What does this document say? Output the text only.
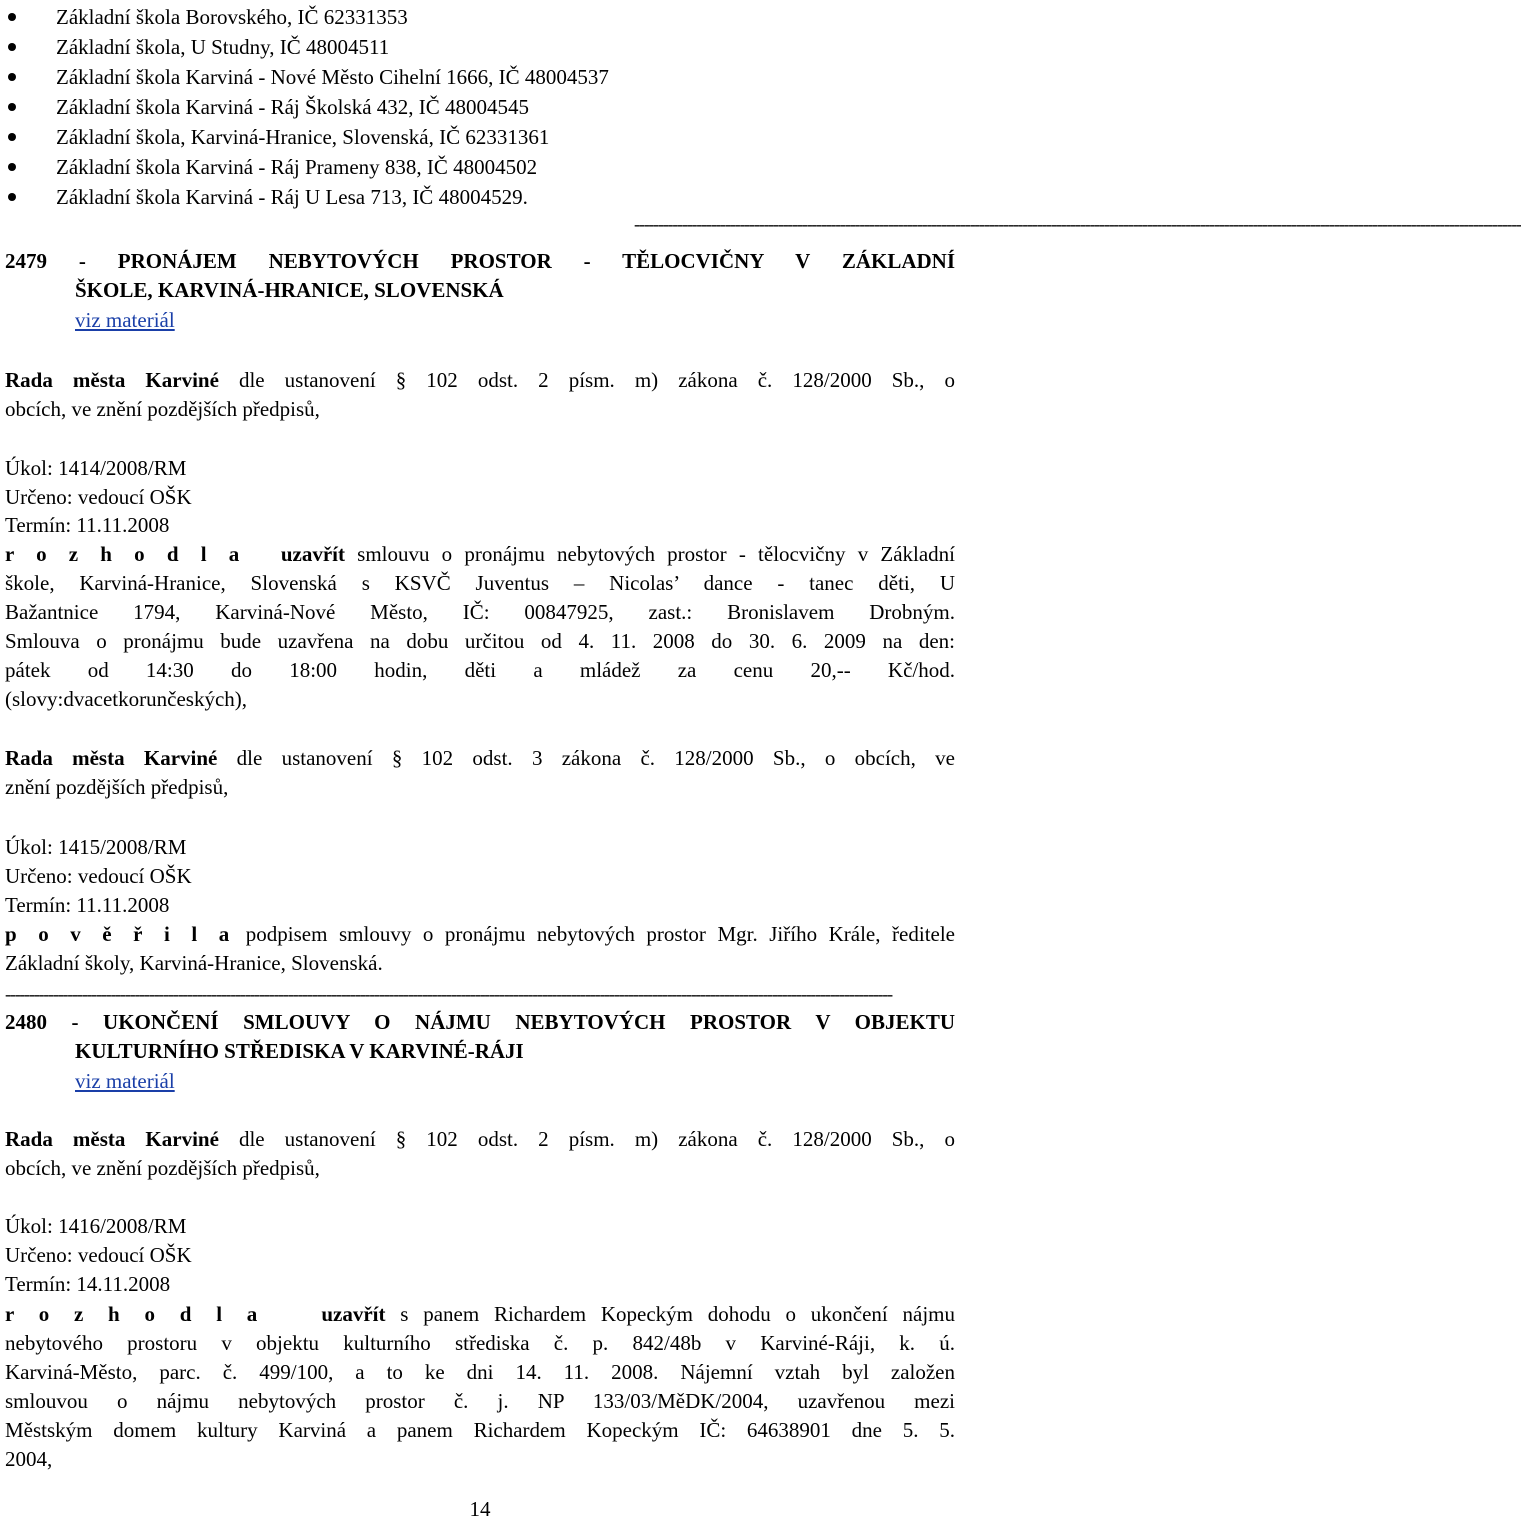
Základní škola Borovského, IČ 62331353
Základní škola, U Studny, IČ 48004511
Základní škola Karviná - Nové Město Cihelní 1666, IČ 48004537
Základní škola Karviná - Ráj Školská 432, IČ 48004545
Základní škola, Karviná-Hranice, Slovenská, IČ 62331361
Základní škola Karviná - Ráj Prameny 838, IČ 48004502
Základní škola Karviná - Ráj U Lesa 713, IČ 48004529.
-----------------------------------------------------------------------------------------------------------------------------------------------------------------------------------------
2479 - PRONÁJEM NEBYTOVÝCH PROSTOR - TĚLOCVIČNY V ZÁKLADNÍ
ŠKOLE, KARVINÁ-HRANICE, SLOVENSKÁ
viz materiál
Rada města Karviné dle ustanovení § 102 odst. 2 písm. m) zákona č. 128/2000 Sb., o
obcích, ve znění pozdějších předpisů,
Úkol: 1414/2008/RM
Určeno: vedoucí OŠK
Termín: 11.11.2008
r o z h o d l a uzavřít smlouvu o pronájmu nebytových prostor - tělocvičny v Základní
škole, Karviná-Hranice, Slovenská s KSVČ Juventus – Nicolas’ dance - tanec děti, U
Bažantnice 1794, Karviná-Nové Město, IČ: 00847925, zast.: Bronislavem Drobným.
Smlouva o pronájmu bude uzavřena na dobu určitou od 4. 11. 2008 do 30. 6. 2009 na den:
pátek od 14:30 do 18:00 hodin, děti a mládež za cenu 20,-- Kč/hod.
(slovy:dvacetkorunčeských),
Rada města Karviné dle ustanovení § 102 odst. 3 zákona č. 128/2000 Sb., o obcích, ve
znění pozdějších předpisů,
Úkol: 1415/2008/RM
Určeno: vedoucí OŠK
Termín: 11.11.2008
p o v ě ř i l a podpisem smlouvy o pronájmu nebytových prostor Mgr. Jiřího Krále, ředitele
Základní školy, Karviná-Hranice, Slovenská.
-----------------------------------------------------------------------------------------------------------------------------------------------------------------------------------------
2480 - UKONČENÍ SMLOUVY O NÁJMU NEBYTOVÝCH PROSTOR V OBJEKTU
KULTURNÍHO STŘEDISKA V KARVINÉ-RÁJI
viz materiál
Rada města Karviné dle ustanovení § 102 odst. 2 písm. m) zákona č. 128/2000 Sb., o
obcích, ve znění pozdějších předpisů,
Úkol: 1416/2008/RM
Určeno: vedoucí OŠK
Termín: 14.11.2008
r o z h o d l a	uzavřít s panem Richardem Kopeckým dohodu o ukončení nájmu
nebytového prostoru v objektu kulturního střediska č. p. 842/48b v Karviné-Ráji, k. ú.
Karviná-Město, parc. č. 499/100, a to ke dni 14. 11. 2008. Nájemní vztah byl založen
smlouvou o nájmu nebytových prostor č. j. NP 133/03/MěDK/2004, uzavřenou mezi
Městským domem kultury Karviná a panem Richardem Kopeckým IČ: 64638901 dne 5. 5.
2004,
14
